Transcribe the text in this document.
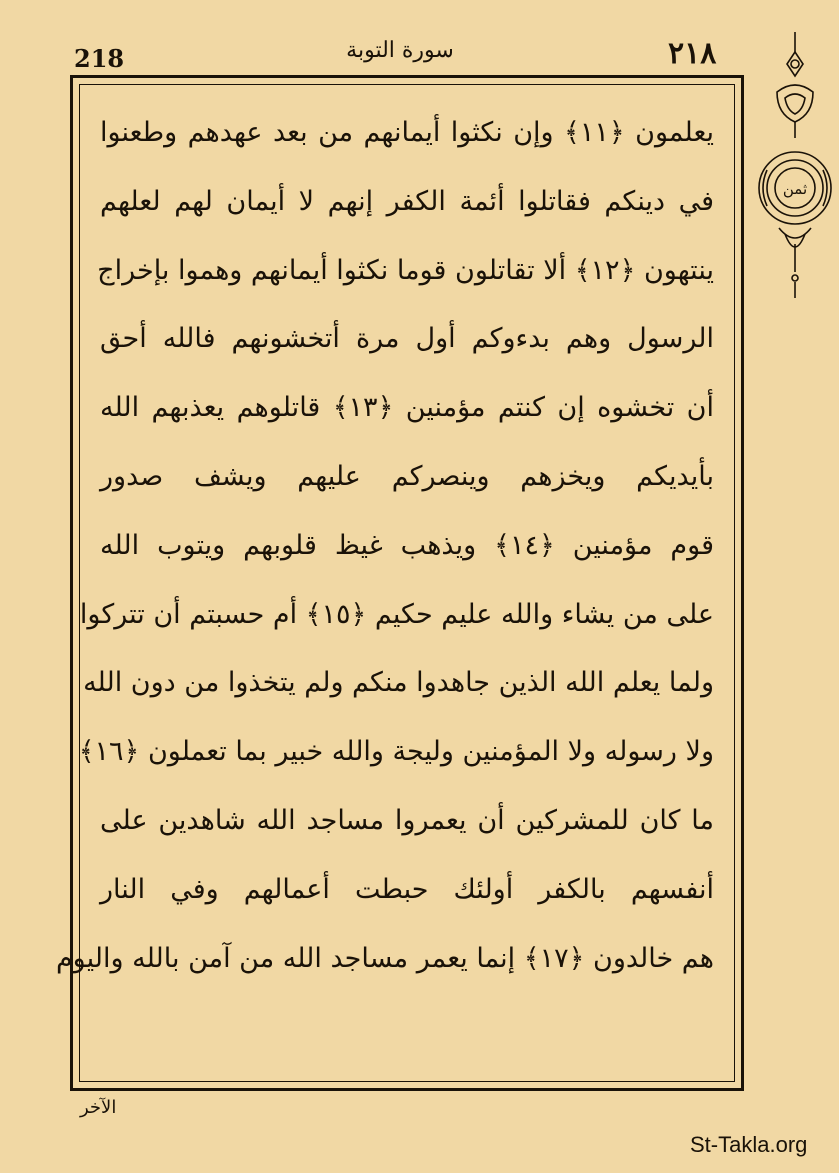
218	سورة التوبة	٢١٨
ثمن
يعلمون ﴿١١﴾ وإن نكثوا أيمانهم من بعد عهدهم وطعنوا
في دينكم فقاتلوا أئمة الكفر إنهم لا أيمان لهم لعلهم
ينتهون ﴿١٢﴾ ألا تقاتلون قوما نكثوا أيمانهم وهموا بإخراج
الرسول وهم بدءوكم أول مرة أتخشونهم فالله أحق
أن تخشوه إن كنتم مؤمنين ﴿١٣﴾ قاتلوهم يعذبهم الله
بأيديكم ويخزهم وينصركم عليهم ويشف صدور
قوم مؤمنين ﴿١٤﴾ ويذهب غيظ قلوبهم ويتوب الله
على من يشاء والله عليم حكيم ﴿١٥﴾ أم حسبتم أن تتركوا
ولما يعلم الله الذين جاهدوا منكم ولم يتخذوا من دون الله
ولا رسوله ولا المؤمنين وليجة والله خبير بما تعملون ﴿١٦﴾
ما كان للمشركين أن يعمروا مساجد الله شاهدين على
أنفسهم بالكفر أولئك حبطت أعمالهم وفي النار
هم خالدون ﴿١٧﴾ إنما يعمر مساجد الله من آمن بالله واليوم
الآخر
St-Takla.org
